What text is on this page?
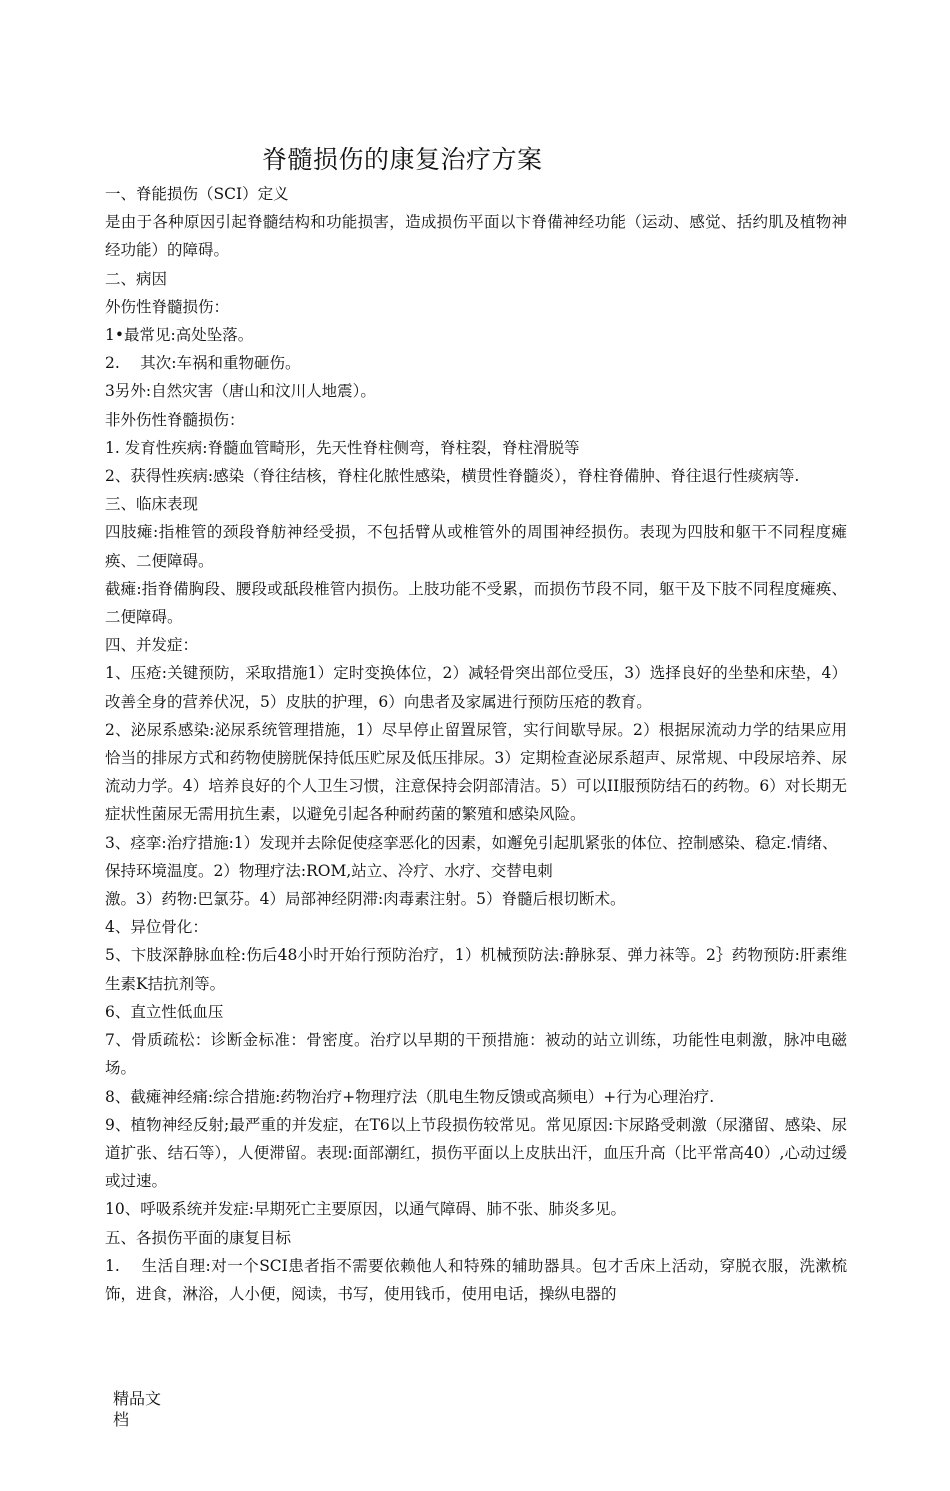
脊髓损伤的康复治疗方案

一、脊能损伤（SCI）定义

是由于各种原因引起脊髓结构和功能损害，造成损伤平面以卞脊備神经功能（运动、感觉、括约肌及植物神经功能）的障碍。

二、病因

外伤性脊髓损伤：

1•最常见:高处坠落。

2.　 其次:车祸和重物砸伤。

3另外:自然灾害（唐山和汶川人地震）。

非外伤性脊髓损伤：

1. 发育性疾病:脊髓血管畸形，先天性脊柱侧弯，脊柱裂，脊柱滑脱等

2、获得性疾病:感染（脊往结核，脊柱化脓性感染，横贯性脊髓炎），脊柱脊備肿、脊往退行性痰病等.

三、临床表现

四肢瘫:指椎管的颈段脊舫神经受损，不包括臂从或椎管外的周围神经损伤。表现为四肢和躯干不同程度瘫痪、二便障碍。

截瘫:指脊備胸段、腰段或舐段椎管内损伤。上肢功能不受累，而损伤节段不同，躯干及下肢不同程度瘫痪、二便障碍。

四、并发症：

1、压疮:关键预防，采取措施1）定时变换体位，2）减轻骨突出部位受压，3）选择良好的坐垫和床垫，4）改善全身的营养伏况，5）皮肤的护理，6）向患者及家属进行预防压疮的教育。

2、泌尿系感染:泌尿系统管理措施，1）尽早停止留置尿管，实行间歇导尿。2）根据尿流动力学的结果应用恰当的排尿方式和药物使膀胱保持低压贮尿及低压排尿。3）定期检查泌尿系超声、尿常规、中段尿培养、尿流动力学。4）培养良好的个人卫生习惯，注意保持会阴部清洁。5）可以II服预防结石的药物。6）对长期无症状性菌尿无需用抗生素，以避免引起各种耐药菌的繁殖和感染风险。

3、痉挛:治疗措施:1）发现并去除促使痉挛恶化的因素，如邂免引起肌紧张的体位、控制感染、稳定.情绪、保持环境温度。2）物理疗法:ROM,站立、冷疗、水疗、交替电刺

激。3）药物:巴氯芬。4）局部神经阴滞:肉毒素注射。5）脊髓后根切断术。

4、异位骨化：

5、卞肢深静脉血栓:伤后48小时开始行预防治疗，1）机械预防法:静脉泵、弹力袜等。2｝药物预防:肝素维生素K拮抗剂等。

6、直立性低血压

7、骨质疏松：诊断金标准：骨密度。治疗以早期的干预措施：被动的站立训练，功能性电刺激，脉冲电磁场。

8、截瘫神经痛:综合措施:药物治疗+物理疗法（肌电生物反馈或高频电）+行为心理治疗.

9、植物神经反射;最严重的并发症，在T6以上节段损伤较常见。常见原因:卞尿路受刺激（尿潴留、感染、尿道扩张、结石等），人便滞留。表现:面部潮红，损伤平面以上皮肤出汗，血压升高（比平常高40）,心动过缓或过速。

10、呼吸系统并发症:早期死亡主要原因，以通气障碍、肺不张、肺炎多见。

五、各损伤平面的康复目标

1.　 生活自理:对一个SCI患者指不需要依赖他人和特殊的辅助器具。包才舌床上活动，穿脱衣服，洗漱梳饰，进食，淋浴，人小便，阅读，书写，使用钱币，使用电话，操纵电器的

精品文档
